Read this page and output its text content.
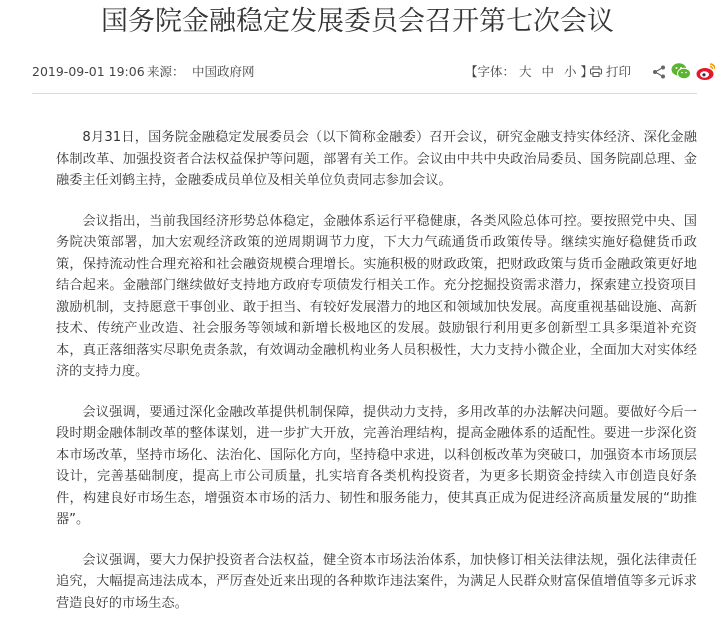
国务院金融稳定发展委员会召开第七次会议
2019-09-01 19:06 来源： 中国政府网	【字体： 大 中 小 】	打印

8月31日，国务院金融稳定发展委员会（以下简称金融委）召开会议，研究金融支持实体经济、深化金融体制改革、加强投资者合法权益保护等问题，部署有关工作。会议由中共中央政治局委员、国务院副总理、金融委主任刘鹤主持，金融委成员单位及相关单位负责同志参加会议。

会议指出，当前我国经济形势总体稳定，金融体系运行平稳健康，各类风险总体可控。要按照党中央、国务院决策部署，加大宏观经济政策的逆周期调节力度，下大力气疏通货币政策传导。继续实施好稳健货币政策，保持流动性合理充裕和社会融资规模合理增长。实施积极的财政政策，把财政政策与货币金融政策更好地结合起来。金融部门继续做好支持地方政府专项债发行相关工作。充分挖掘投资需求潜力，探索建立投资项目激励机制，支持愿意干事创业、敢于担当、有较好发展潜力的地区和领域加快发展。高度重视基础设施、高新技术、传统产业改造、社会服务等领域和新增长极地区的发展。鼓励银行利用更多创新型工具多渠道补充资本，真正落细落实尽职免责条款，有效调动金融机构业务人员积极性，大力支持小微企业，全面加大对实体经济的支持力度。

会议强调，要通过深化金融改革提供机制保障，提供动力支持，多用改革的办法解决问题。要做好今后一段时期金融体制改革的整体谋划，进一步扩大开放，完善治理结构，提高金融体系的适配性。要进一步深化资本市场改革，坚持市场化、法治化、国际化方向，坚持稳中求进，以科创板改革为突破口，加强资本市场顶层设计，完善基础制度，提高上市公司质量，扎实培育各类机构投资者，为更多长期资金持续入市创造良好条件，构建良好市场生态，增强资本市场的活力、韧性和服务能力，使其真正成为促进经济高质量发展的“助推器”。

会议强调，要大力保护投资者合法权益，健全资本市场法治体系，加快修订相关法律法规，强化法律责任追究，大幅提高违法成本，严厉查处近来出现的各种欺诈违法案件，为满足人民群众财富保值增值等多元诉求营造良好的市场生态。
